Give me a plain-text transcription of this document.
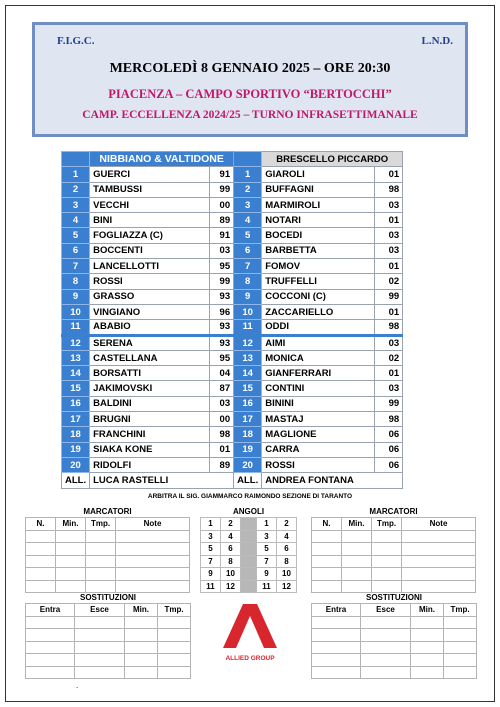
F.I.G.C.	L.N.D.
MERCOLEDÌ 8 GENNAIO 2025 – ORE 20:30
PIACENZA – CAMPO SPORTIVO “BERTOCCHI”
CAMP. ECCELLENZA 2024/25 – TURNO INFRASETTIMANALE
	NIBBIANO & VALTIDONE			BRESCELLO PICCARDO	
1	GUERCI	91	1	GIAROLI	01
2	TAMBUSSI	99	2	BUFFAGNI	98
3	VECCHI	00	3	MARMIROLI	03
4	BINI	89	4	NOTARI	01
5	FOGLIAZZA (C)	91	5	BOCEDI	03
6	BOCCENTI	03	6	BARBETTA	03
7	LANCELLOTTI	95	7	FOMOV	01
8	ROSSI	99	8	TRUFFELLI	02
9	GRASSO	93	9	COCCONI (C)	99
10	VINGIANO	96	10	ZACCARIELLO	01
11	ABABIO	93	11	ODDI	98
12	SERENA	93	12	AIMI	03
13	CASTELLANA	95	13	MONICA	02
14	BORSATTI	04	14	GIANFERRARI	01
15	JAKIMOVSKI	87	15	CONTINI	03
16	BALDINI	03	16	BININI	99
17	BRUGNI	00	17	MASTAJ	98
18	FRANCHINI	98	18	MAGLIONE	06
19	SIAKA KONE	01	19	CARRA	06
20	RIDOLFI	89	20	ROSSI	06
ALL.	LUCA RASTELLI		ALL.	ANDREA FONTANA	
ARBITRA IL SIG. GIAMMARCO RAIMONDO SEZIONE DI TARANTO
MARCATORI			
N.	Min.	Tmp.	Note

MARCATORI			
N.	Min.	Tmp.	Note

SOSTITUZIONI			
Entra	Esce	Min.	Tmp.

SOSTITUZIONI			
Entra	Esce	Min.	Tmp.

ANGOLI				
1	2		1	2
3	4		3	4
5	6		5	6
7	8		7	8
9	10		9	10
11	12		11	12
ALLIED GROUP
.
